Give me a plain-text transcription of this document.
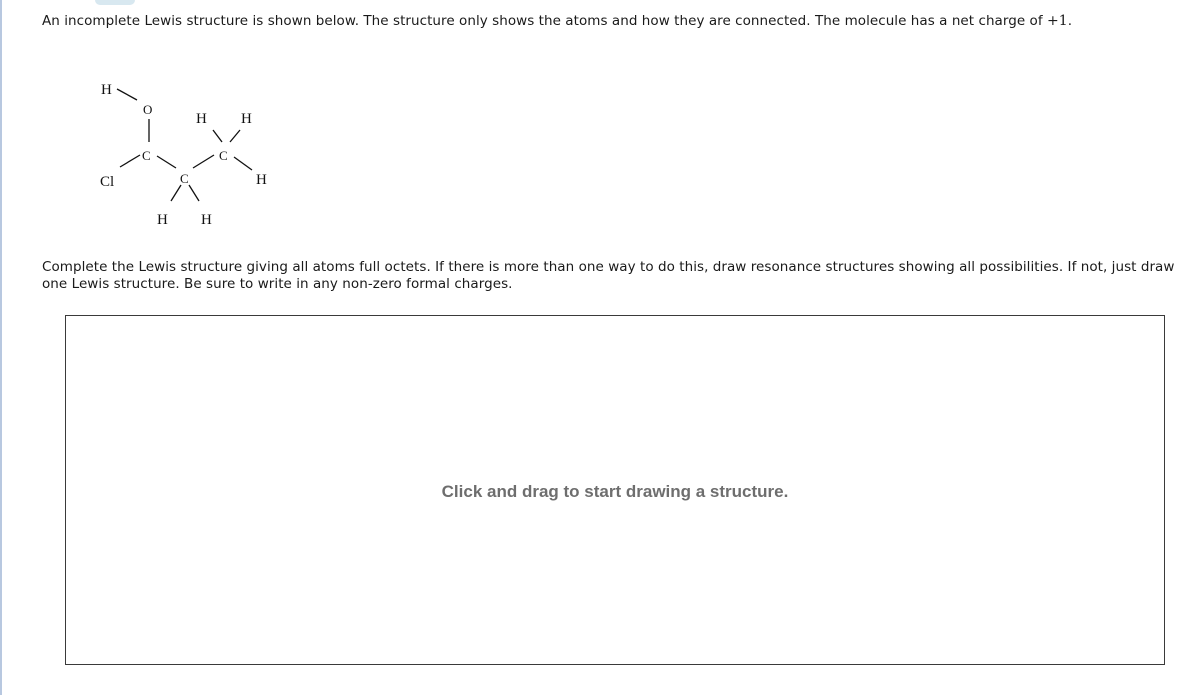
An incomplete Lewis structure is shown below. The structure only shows the atoms and how they are connected. The molecule has a net charge of +1.
H
O
C
Cl	C
H H
C
H H
H
Complete the Lewis structure giving all atoms full octets. If there is more than one way to do this, draw resonance structures showing all possibilities. If not, just draw one Lewis structure. Be sure to write in any non-zero formal charges.
Click and drag to start drawing a structure.
